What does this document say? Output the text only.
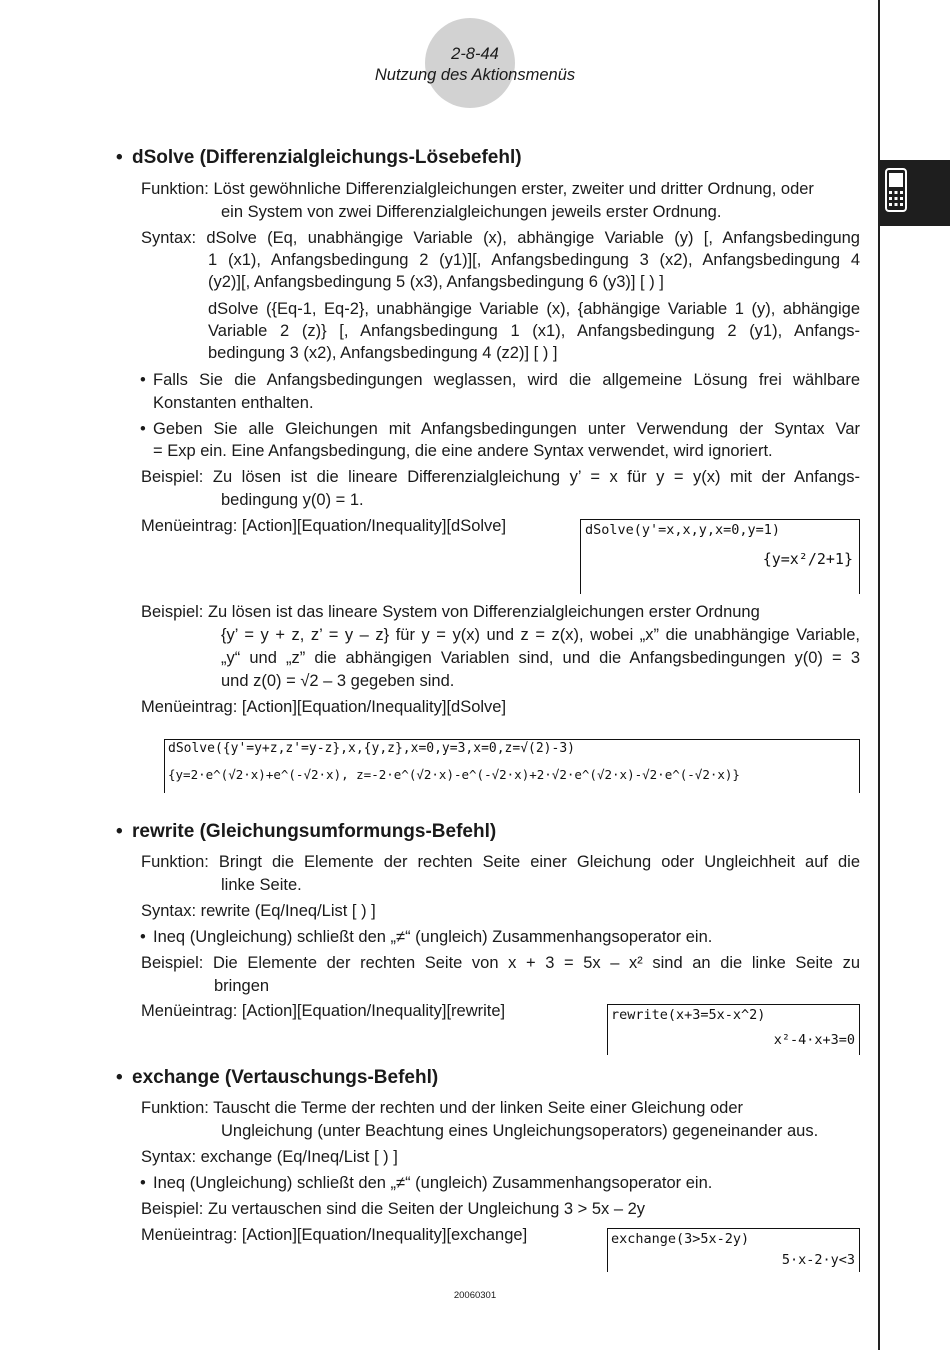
2-8-44
Nutzung des Aktionsmenüs
• dSolve (Differenzialgleichungs-Lösebefehl)
Funktion: Löst gewöhnliche Differenzialgleichungen erster, zweiter und dritter Ordnung, oder
ein System von zwei Differenzialgleichungen jeweils erster Ordnung.
Syntax: dSolve (Eq, unabhängige Variable (x), abhängige Variable (y) [, Anfangsbedingung
1 (x1), Anfangsbedingung 2 (y1)][, Anfangsbedingung 3 (x2), Anfangsbedingung 4
(y2)][, Anfangsbedingung 5 (x3), Anfangsbedingung 6 (y3)] [ ) ]
dSolve ({Eq-1, Eq-2}, unabhängige Variable (x), {abhängige Variable 1 (y), abhängige
Variable 2 (z)} [, Anfangsbedingung 1 (x1), Anfangsbedingung 2 (y1), Anfangs-
bedingung 3 (x2), Anfangsbedingung 4 (z2)] [ ) ]
• Falls Sie die Anfangsbedingungen weglassen, wird die allgemeine Lösung frei wählbare
Konstanten enthalten.
• Geben Sie alle Gleichungen mit Anfangsbedingungen unter Verwendung der Syntax Var
= Exp ein. Eine Anfangsbedingung, die eine andere Syntax verwendet, wird ignoriert.
Beispiel: Zu lösen ist die lineare Differenzialgleichung y’ = x für y = y(x) mit der Anfangs-
bedingung y(0) = 1.
Menüeintrag: [Action][Equation/Inequality][dSolve]	dSolve(y'=x,x,y,x=0,y=1)
{y=x²/2+1}
Beispiel: Zu lösen ist das lineare System von Differenzialgleichungen erster Ordnung
{y’ = y + z, z’ = y – z} für y = y(x) und z = z(x), wobei „x” die unabhängige Variable,
„y“ und „z” die abhängigen Variablen sind, und die Anfangsbedingungen y(0) = 3
und z(0) = √2 – 3 gegeben sind.
Menüeintrag: [Action][Equation/Inequality][dSolve]
dSolve({y'=y+z,z'=y-z},x,{y,z},x=0,y=3,x=0,z=√(2)-3)
{y=2·e^(√2·x)+e^(-√2·x), z=-2·e^(√2·x)-e^(-√2·x)+2·√2·e^(√2·x)-√2·e^(-√2·x)}
• rewrite (Gleichungsumformungs-Befehl)
Funktion: Bringt die Elemente der rechten Seite einer Gleichung oder Ungleichheit auf die
linke Seite.
Syntax: rewrite (Eq/Ineq/List [ ) ]
• Ineq (Ungleichung) schließt den „≠“ (ungleich) Zusammenhangsoperator ein.
Beispiel: Die Elemente der rechten Seite von x + 3 = 5x – x² sind an die linke Seite zu
bringen
Menüeintrag: [Action][Equation/Inequality][rewrite]	rewrite(x+3=5x-x^2)
x²-4·x+3=0
• exchange (Vertauschungs-Befehl)
Funktion: Tauscht die Terme der rechten und der linken Seite einer Gleichung oder
Ungleichung (unter Beachtung eines Ungleichungsoperators) gegeneinander aus.
Syntax: exchange (Eq/Ineq/List [ ) ]
• Ineq (Ungleichung) schließt den „≠“ (ungleich) Zusammenhangsoperator ein.
Beispiel: Zu vertauschen sind die Seiten der Ungleichung 3 > 5x – 2y
Menüeintrag: [Action][Equation/Inequality][exchange]	exchange(3>5x-2y)
5·x-2·y<3
20060301
